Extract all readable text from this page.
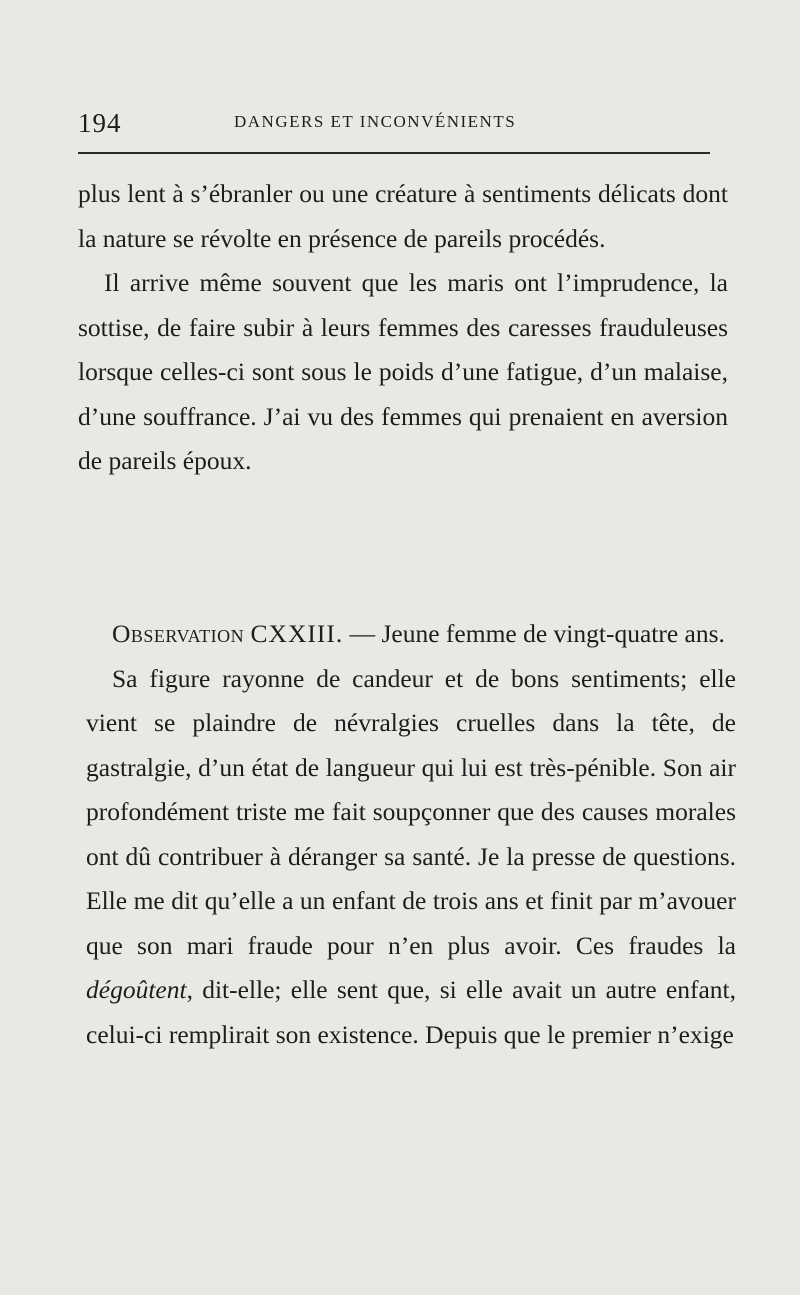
194	DANGERS ET INCONVÉNIENTS

plus lent à s’ébranler ou une créature à sentiments délicats dont la nature se révolte en présence de pareils procédés.

Il arrive même souvent que les maris ont l’imprudence, la sottise, de faire subir à leurs femmes des caresses frauduleuses lorsque celles-ci sont sous le poids d’une fatigue, d’un malaise, d’une souffrance. J’ai vu des femmes qui prenaient en aversion de pareils époux.

Observation CXXIII. — Jeune femme de vingt-quatre ans.

Sa figure rayonne de candeur et de bons sentiments; elle vient se plaindre de névralgies cruelles dans la tête, de gastralgie, d’un état de langueur qui lui est très-pénible. Son air profondément triste me fait soupçonner que des causes morales ont dû contribuer à déranger sa santé. Je la presse de questions. Elle me dit qu’elle a un enfant de trois ans et finit par m’avouer que son mari fraude pour n’en plus avoir. Ces fraudes la dégoûtent, dit-elle; elle sent que, si elle avait un autre enfant, celui-ci remplirait son existence. Depuis que le premier n’exige
